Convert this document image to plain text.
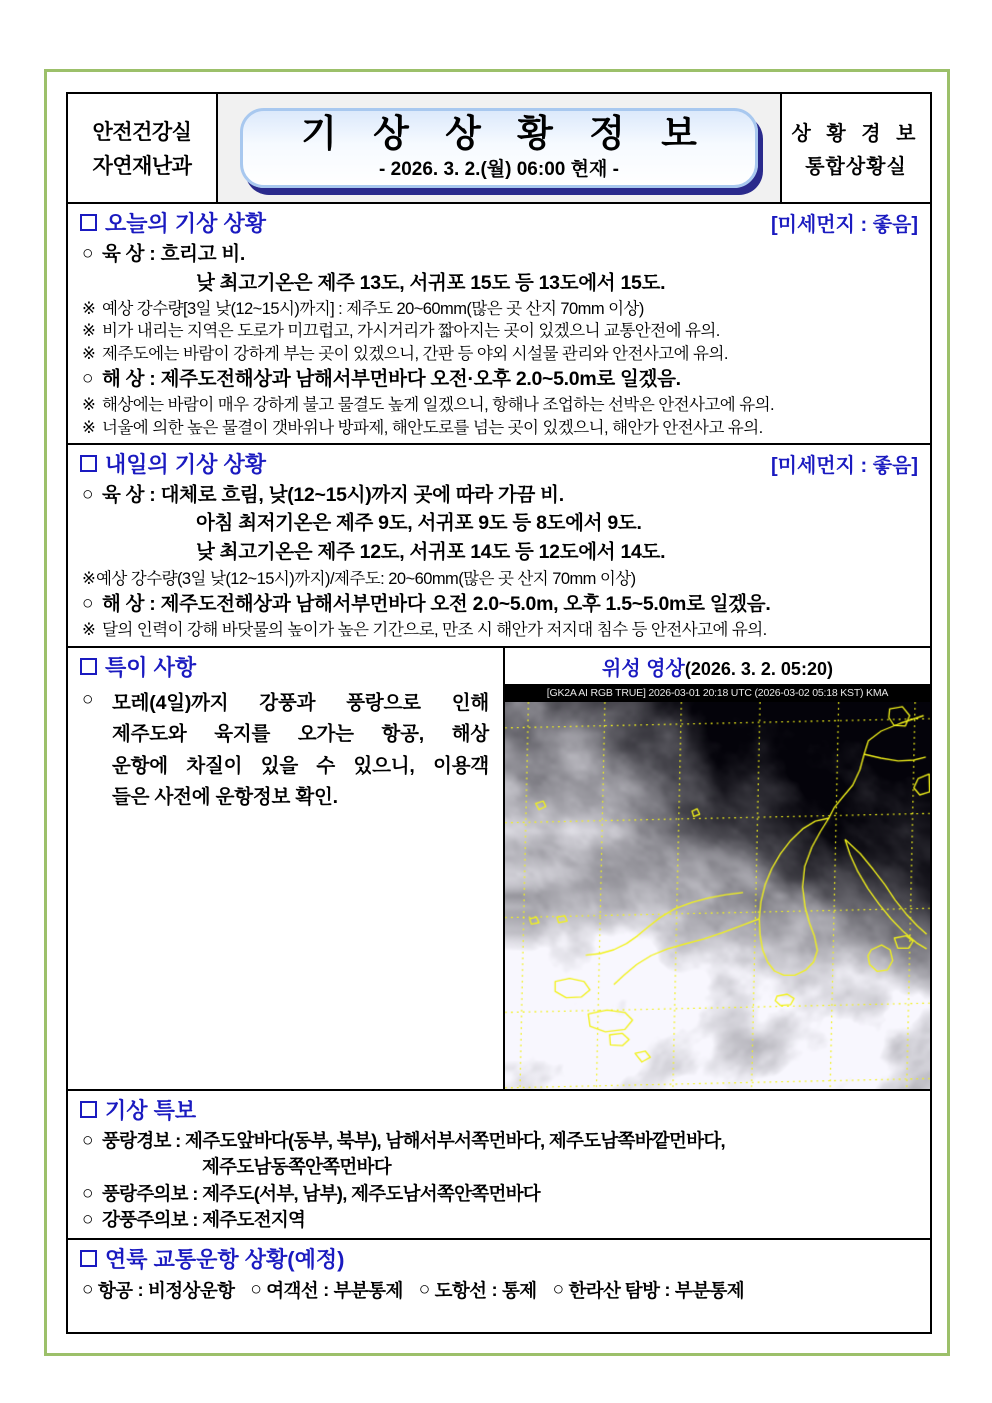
안전건강실
자연재난과
기 상 상 황 정 보
- 2026. 3. 2.(월) 06:00 현재 -
상 황 경 보
통합상황실
오늘의 기상 상황	[미세먼지 : 좋음]
○ 육 상 : 흐리고 비.
낮 최고기온은 제주 13도, 서귀포 15도 등 13도에서 15도.
※ 예상 강수량[3일 낮(12~15시)까지] : 제주도 20~60mm(많은 곳 산지 70mm 이상)
※ 비가 내리는 지역은 도로가 미끄럽고, 가시거리가 짧아지는 곳이 있겠으니 교통안전에 유의.
※ 제주도에는 바람이 강하게 부는 곳이 있겠으니, 간판 등 야외 시설물 관리와 안전사고에 유의.
○ 해 상 : 제주도전해상과 남해서부먼바다 오전·오후 2.0~5.0m로 일겠음.
※ 해상에는 바람이 매우 강하게 불고 물결도 높게 일겠으니, 항해나 조업하는 선박은 안전사고에 유의.
※ 너울에 의한 높은 물결이 갯바위나 방파제, 해안도로를 넘는 곳이 있겠으니, 해안가 안전사고 유의.
내일의 기상 상황	[미세먼지 : 좋음]
○ 육 상 : 대체로 흐림, 낮(12~15시)까지 곳에 따라 가끔 비.
아침 최저기온은 제주 9도, 서귀포 9도 등 8도에서 9도.
낮 최고기온은 제주 12도, 서귀포 14도 등 12도에서 14도.
※ 예상 강수량(3일 낮(12~15시)까지)/제주도: 20~60mm(많은 곳 산지 70mm 이상)
○ 해 상 : 제주도전해상과 남해서부먼바다 오전 2.0~5.0m, 오후 1.5~5.0m로 일겠음.
※ 달의 인력이 강해 바닷물의 높이가 높은 기간으로, 만조 시 해안가 저지대 침수 등 안전사고에 유의.
특이 사항
○ 모레(4일)까지 강풍과 풍랑으로 인해
제주도와 육지를 오가는 항공, 해상
운항에 차질이 있을 수 있으니, 이용객
들은 사전에 운항정보 확인.
위성 영상(2026. 3. 2. 05:20)
[GK2A AI RGB TRUE] 2026-03-01 20:18 UTC (2026-03-02 05:18 KST) KMA
기상 특보
○ 풍랑경보 : 제주도앞바다(동부, 북부), 남해서부서쪽먼바다, 제주도남쪽바깥먼바다,
제주도남동쪽안쪽먼바다
○ 풍랑주의보 : 제주도(서부, 남부), 제주도남서쪽안쪽먼바다
○ 강풍주의보 : 제주도전지역
연륙 교통운항 상황(예정)
○ 항공 : 비정상운항 ○ 여객선 : 부분통제 ○ 도항선 : 통제 ○ 한라산 탐방 : 부분통제
